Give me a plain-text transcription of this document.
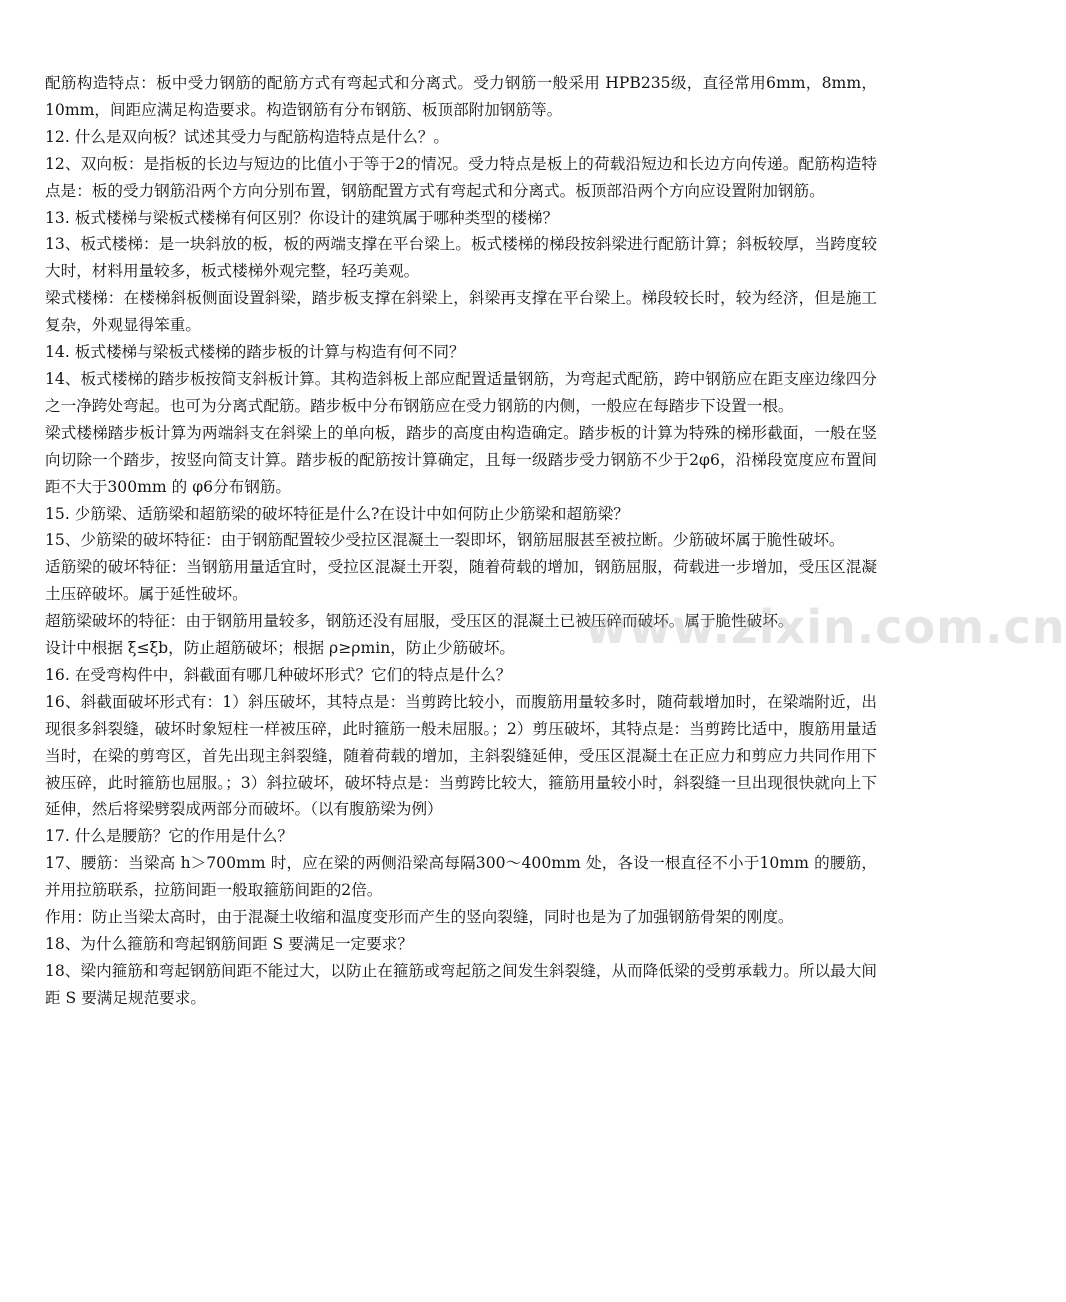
配筋构造特点：板中受力钢筋的配筋方式有弯起式和分离式。受力钢筋一般采用 HPB235级，直径常用6mm，8mm，10mm，间距应满足构造要求。构造钢筋有分布钢筋、板顶部附加钢筋等。

12. 什么是双向板？试述其受力与配筋构造特点是什么？。

12、双向板：是指板的长边与短边的比值小于等于2的情况。受力特点是板上的荷载沿短边和长边方向传递。配筋构造特点是：板的受力钢筋沿两个方向分别布置，钢筋配置方式有弯起式和分离式。板顶部沿两个方向应设置附加钢筋。

13. 板式楼梯与梁板式楼梯有何区别？你设计的建筑属于哪种类型的楼梯？

13、板式楼梯：是一块斜放的板，板的两端支撑在平台梁上。板式楼梯的梯段按斜梁进行配筋计算；斜板较厚，当跨度较大时，材料用量较多，板式楼梯外观完整，轻巧美观。

梁式楼梯：在楼梯斜板侧面设置斜梁，踏步板支撑在斜梁上，斜梁再支撑在平台梁上。梯段较长时，较为经济，但是施工复杂，外观显得笨重。

14. 板式楼梯与梁板式楼梯的踏步板的计算与构造有何不同？

14、板式楼梯的踏步板按简支斜板计算。其构造斜板上部应配置适量钢筋，为弯起式配筋，跨中钢筋应在距支座边缘四分之一净跨处弯起。也可为分离式配筋。踏步板中分布钢筋应在受力钢筋的内侧，一般应在每踏步下设置一根。

梁式楼梯踏步板计算为两端斜支在斜梁上的单向板，踏步的高度由构造确定。踏步板的计算为特殊的梯形截面，一般在竖向切除一个踏步，按竖向简支计算。踏步板的配筋按计算确定，且每一级踏步受力钢筋不少于2φ6，沿梯段宽度应布置间距不大于300mm 的 φ6分布钢筋。

15. 少筋梁、适筋梁和超筋梁的破坏特征是什么?在设计中如何防止少筋梁和超筋梁？

15、少筋梁的破坏特征：由于钢筋配置较少受拉区混凝土一裂即坏，钢筋屈服甚至被拉断。少筋破坏属于脆性破坏。

适筋梁的破坏特征：当钢筋用量适宜时，受拉区混凝土开裂，随着荷载的增加，钢筋屈服，荷载进一步增加，受压区混凝土压碎破坏。属于延性破坏。

超筋梁破坏的特征：由于钢筋用量较多，钢筋还没有屈服，受压区的混凝土已被压碎而破坏。属于脆性破坏。

设计中根据 ξ≤ξb，防止超筋破坏；根据 ρ≥ρmin，防止少筋破坏。

16. 在受弯构件中，斜截面有哪几种破坏形式？它们的特点是什么？

16、斜截面破坏形式有：1）斜压破坏，其特点是：当剪跨比较小，而腹筋用量较多时，随荷载增加时，在梁端附近，出现很多斜裂缝，破坏时象短柱一样被压碎，此时箍筋一般未屈服。；2）剪压破坏，其特点是：当剪跨比适中，腹筋用量适当时，在梁的剪弯区，首先出现主斜裂缝，随着荷载的增加，主斜裂缝延伸，受压区混凝土在正应力和剪应力共同作用下被压碎，此时箍筋也屈服。；3）斜拉破坏，破坏特点是：当剪跨比较大，箍筋用量较小时，斜裂缝一旦出现很快就向上下延伸，然后将梁劈裂成两部分而破坏。（以有腹筋梁为例）

17. 什么是腰筋？它的作用是什么？

17、腰筋：当梁高 h＞700mm 时，应在梁的两侧沿梁高每隔300～400mm 处，各设一根直径不小于10mm 的腰筋，并用拉筋联系，拉筋间距一般取箍筋间距的2倍。

作用：防止当梁太高时，由于混凝土收缩和温度变形而产生的竖向裂缝，同时也是为了加强钢筋骨架的刚度。

18、为什么箍筋和弯起钢筋间距 S 要满足一定要求？

18、梁内箍筋和弯起钢筋间距不能过大，以防止在箍筋或弯起筋之间发生斜裂缝，从而降低梁的受剪承载力。所以最大间距 S 要满足规范要求。

www.zixin.com.cn
